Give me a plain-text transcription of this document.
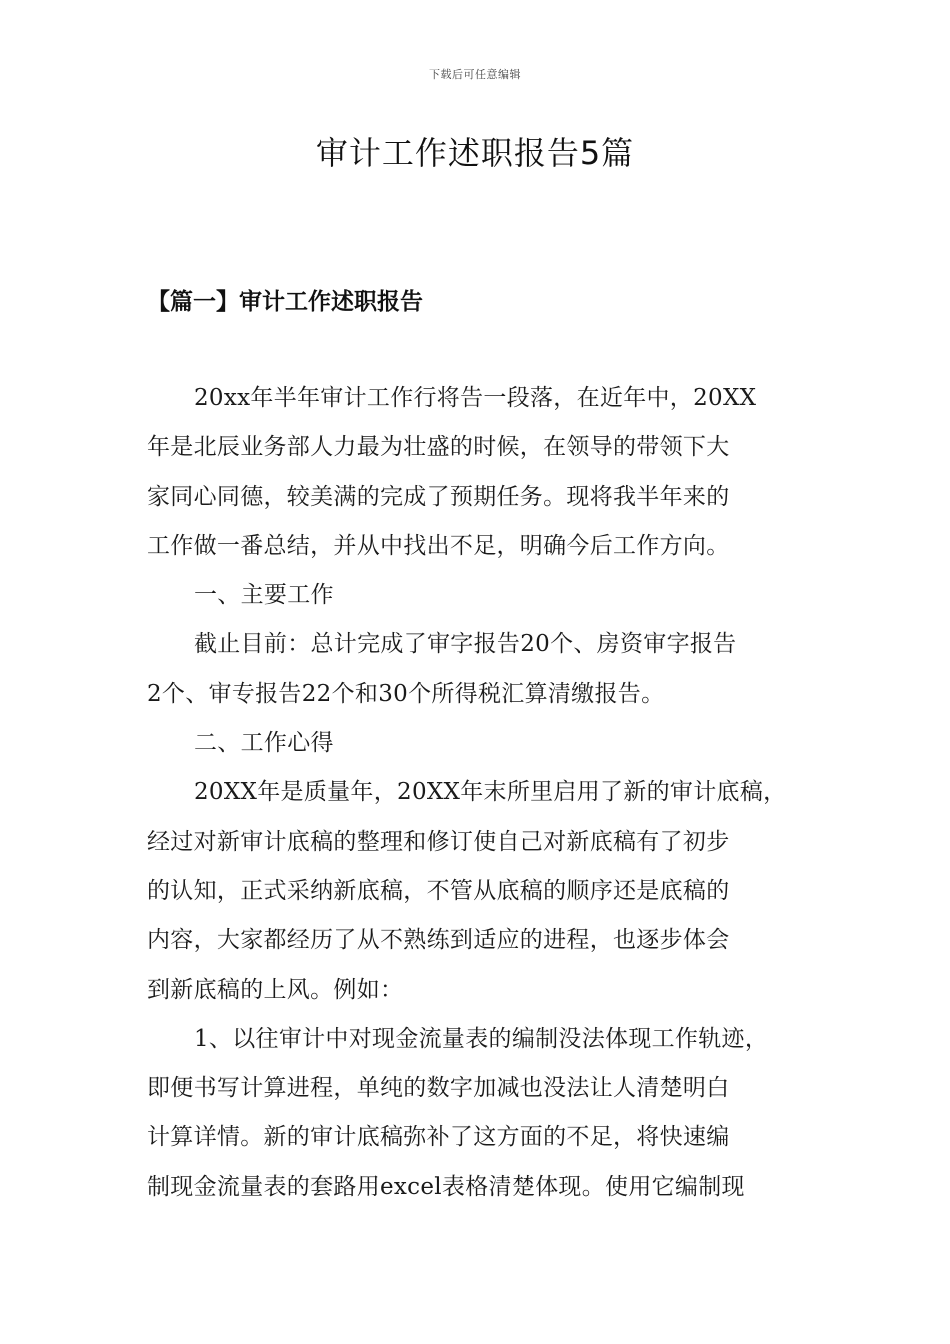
下载后可任意编辑
审计工作述职报告5篇
【篇一】审计工作述职报告
20xx年半年审计工作行将告一段落，在近年中，20XX
年是北辰业务部人力最为壮盛的时候，在领导的带领下大
家同心同德，较美满的完成了预期任务。现将我半年来的
工作做一番总结，并从中找出不足，明确今后工作方向。
一、主要工作
截止目前：总计完成了审字报告20个、房资审字报告
2个、审专报告22个和30个所得税汇算清缴报告。
二、工作心得
20XX年是质量年，20XX年末所里启用了新的审计底稿，
经过对新审计底稿的整理和修订使自己对新底稿有了初步
的认知，正式采纳新底稿，不管从底稿的顺序还是底稿的
内容，大家都经历了从不熟练到适应的进程，也逐步体会
到新底稿的上风。例如：
1、以往审计中对现金流量表的编制没法体现工作轨迹，
即便书写计算进程，单纯的数字加减也没法让人清楚明白
计算详情。新的审计底稿弥补了这方面的不足，将快速编
制现金流量表的套路用excel表格清楚体现。使用它编制现
